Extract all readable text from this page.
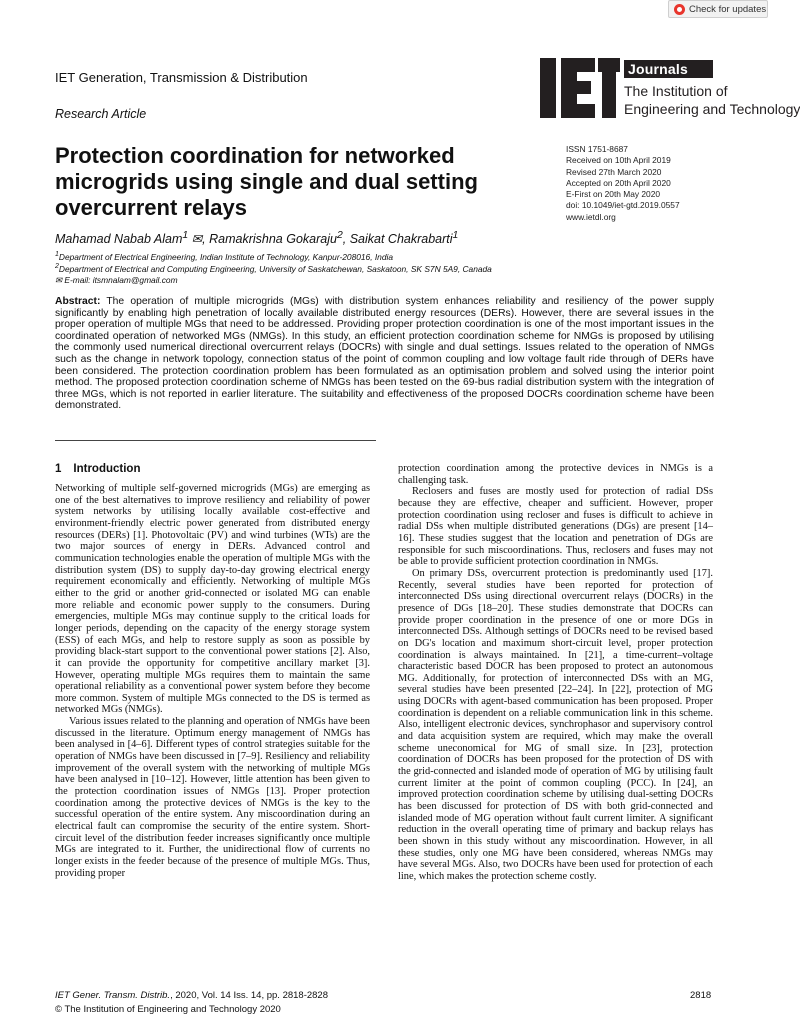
Check for updates
IET Generation, Transmission & Distribution
Research Article
Journals
The Institution of
Engineering and Technology
Protection coordination for networked microgrids using single and dual setting overcurrent relays
ISSN 1751-8687
Received on 10th April 2019
Revised 27th March 2020
Accepted on 20th April 2020
E-First on 20th May 2020
doi: 10.1049/iet-gtd.2019.0557
www.ietdl.org
Mahamad Nabab Alam$^1$ ✉, Ramakrishna Gokaraju$^2$, Saikat Chakrabarti$^1$
$^1$Department of Electrical Engineering, Indian Institute of Technology, Kanpur-208016, India
$^2$Department of Electrical and Computing Engineering, University of Saskatchewan, Saskatoon, SK S7N 5A9, Canada
✉ E-mail: itsmnalam@gmail.com
Abstract: The operation of multiple microgrids (MGs) with distribution system enhances reliability and resiliency of the power supply significantly by enabling high penetration of locally available distributed energy resources (DERs). However, there are several issues in the proper operation of multiple MGs that need to be addressed. Providing proper protection coordination is one of the most important issues in the coordinated operation of networked MGs (NMGs). In this study, an efficient protection coordination scheme for NMGs is proposed by utilising the commonly used numerical directional overcurrent relays (DOCRs) with single and dual settings. Issues related to the operation of NMGs such as the change in network topology, connection status of the point of common coupling and low voltage fault ride through of DERs have been considered. The protection coordination problem has been formulated as an optimisation problem and solved using the interior point method. The proposed protection coordination scheme of NMGs has been tested on the 69-bus radial distribution system with the integration of three MGs, which is not reported in earlier literature. The suitability and effectiveness of the proposed DOCRs coordination scheme have been demonstrated.
1 Introduction

Networking of multiple self-governed microgrids (MGs) are emerging as one of the best alternatives to improve resiliency and reliability of power system networks by utilising locally available cost-effective and environment-friendly electric power generated from distributed energy resources (DERs) [1]. Photovoltaic (PV) and wind turbines (WTs) are the two major sources of energy in DERs. Advanced control and communication technologies enable the operation of multiple MGs with the distribution system (DS) to supply day-to-day growing electrical energy requirement economically and efficiently. Networking of multiple MGs either to the grid or another grid-connected or isolated MG can enable more reliable and economic power supply to the consumers. During emergencies, multiple MGs may continue supply to the critical loads for longer periods, depending on the capacity of the energy storage system (ESS) of each MGs, and help to restore supply as soon as possible by providing black-start support to the conventional power stations [2]. Also, it can provide the opportunity for competitive ancillary market [3]. However, operating multiple MGs requires them to maintain the same operational reliability as a conventional power system before they become more common. System of multiple MGs connected to the DS is termed as networked MGs (NMGs).

Various issues related to the planning and operation of NMGs have been discussed in the literature. Optimum energy management of NMGs has been analysed in [4–6]. Different types of control strategies suitable for the operation of NMGs have been discussed in [7–9]. Resiliency and reliability improvement of the overall system with the networking of multiple MGs have been analysed in [10–12]. However, little attention has been given to the protection coordination issues of NMGs [13]. Proper protection coordination among the protective devices of NMGs is the key to the successful operation of the entire system. Any miscoordination during an electrical fault can compromise the security of the entire system. Short-circuit level of the distribution feeder increases significantly once multiple MGs are integrated to it. Further, the unidirectional flow of currents no longer exists in the feeder because of the presence of multiple MGs. Thus, providing proper

protection coordination among the protective devices in NMGs is a challenging task.

Reclosers and fuses are mostly used for protection of radial DSs because they are effective, cheaper and sufficient. However, proper protection coordination using recloser and fuses is difficult to achieve in radial DSs when multiple distributed generations (DGs) are present [14–16]. These studies suggest that the location and penetration of DGs are responsible for such miscoordinations. Thus, reclosers and fuses may not be able to provide sufficient protection coordination in NMGs.

On primary DSs, overcurrent protection is predominantly used [17]. Recently, several studies have been reported for protection of interconnected DSs using directional overcurrent relays (DOCRs) in the presence of DGs [18–20]. These studies demonstrate that DOCRs can provide proper coordination in the presence of one or more DGs in interconnected DSs. Although settings of DOCRs need to be revised based on DG's location and maximum short-circuit level, proper protection coordination is always maintained. In [21], a time-current–voltage characteristic based DOCR has been proposed to protect an autonomous MG. Additionally, for protection of interconnected DSs with an MG, several studies have been presented [22–24]. In [22], protection of MG using DOCRs with agent-based communication has been proposed. Proper coordination is dependent on a reliable communication link in this scheme. Also, intelligent electronic devices, synchrophasor and supervisory control and data acquisition system are required, which may make the overall scheme uneconomical for MG of small size. In [23], protection coordination of DOCRs has been proposed for the protection of DS with the grid-connected and islanded mode of operation of MG by utilising fault current limiter at the point of common coupling (PCC). In [24], an improved protection coordination scheme by utilising dual-setting DOCRs has been discussed for protection of DS with both grid-connected and islanded mode of MG operation without fault current limiter. A significant reduction in the overall operating time of primary and backup relays has been shown in this study without any miscoordination. However, in all these studies, only one MG have been considered, whereas NMGs may have several MGs. Also, two DOCRs have been used for protection of each line, which makes the protection scheme costly.

IET Gener. Transm. Distrib., 2020, Vol. 14 Iss. 14, pp. 2818-2828
© The Institution of Engineering and Technology 2020
2818
